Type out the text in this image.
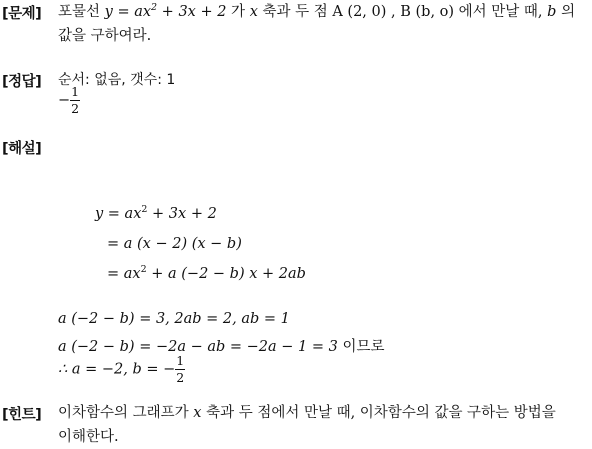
[문제]
[정답]
[해설]
[힌트]
포물선 $y = ax^2 + 3x + 2$ 가 x 축과 두 점 A (2, 0) , B (b, o) 에서 만날 때, b 의
값을 구하여라.
순서: 없음, 갯수: 1
− $\frac{1}{2}$
$y = ax^2 + 3x + 2$
= a (x − 2) (x − b)
= $ax^2 + a$ (−2 − b) x + 2ab
a (−2 − b) = 3, 2ab = 2, ab = 1
a (−2 − b) = −2a − ab = −2a − 1 = 3 이므로
∴ a = −2, b = − $\frac{1}{2}$
이차함수의 그래프가 x 축과 두 점에서 만날 때, 이차함수의 값을 구하는 방법을
이해한다.
